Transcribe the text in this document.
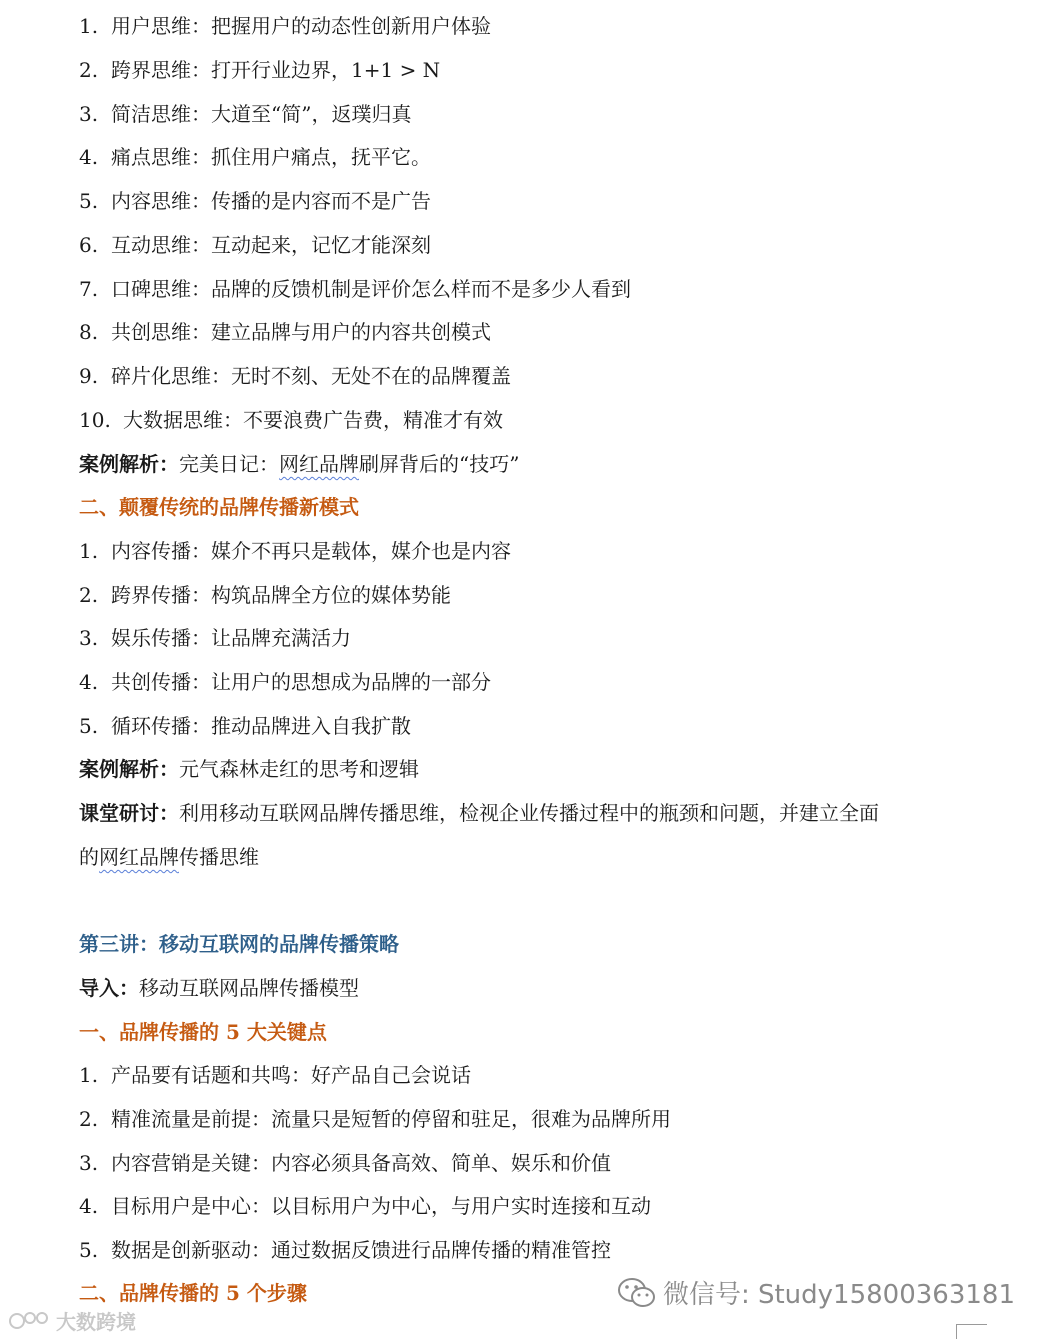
1. 用户思维：把握用户的动态性创新用户体验
2. 跨界思维：打开行业边界，1+1 > N
3. 简洁思维：大道至“简”，返璞归真
4. 痛点思维：抓住用户痛点，抚平它。
5. 内容思维：传播的是内容而不是广告
6. 互动思维：互动起来，记忆才能深刻
7. 口碑思维：品牌的反馈机制是评价怎么样而不是多少人看到
8. 共创思维：建立品牌与用户的内容共创模式
9. 碎片化思维：无时不刻、无处不在的品牌覆盖
10. 大数据思维：不要浪费广告费，精准才有效
案例解析：完美日记：网红品牌刷屏背后的“技巧”
二、颠覆传统的品牌传播新模式
1. 内容传播：媒介不再只是载体，媒介也是内容
2. 跨界传播：构筑品牌全方位的媒体势能
3. 娱乐传播：让品牌充满活力
4. 共创传播：让用户的思想成为品牌的一部分
5. 循环传播：推动品牌进入自我扩散
案例解析：元气森林走红的思考和逻辑
课堂研讨：利用移动互联网品牌传播思维，检视企业传播过程中的瓶颈和问题，并建立全面
的网红品牌传播思维
第三讲：移动互联网的品牌传播策略
导入：移动互联网品牌传播模型
一、品牌传播的 5 大关键点
1. 产品要有话题和共鸣：好产品自己会说话
2. 精准流量是前提：流量只是短暂的停留和驻足，很难为品牌所用
3. 内容营销是关键：内容必须具备高效、简单、娱乐和价值
4. 目标用户是中心：以目标用户为中心，与用户实时连接和互动
5. 数据是创新驱动：通过数据反馈进行品牌传播的精准管控
二、品牌传播的 5 个步骤	微信号: Study15800363181
大数跨境
